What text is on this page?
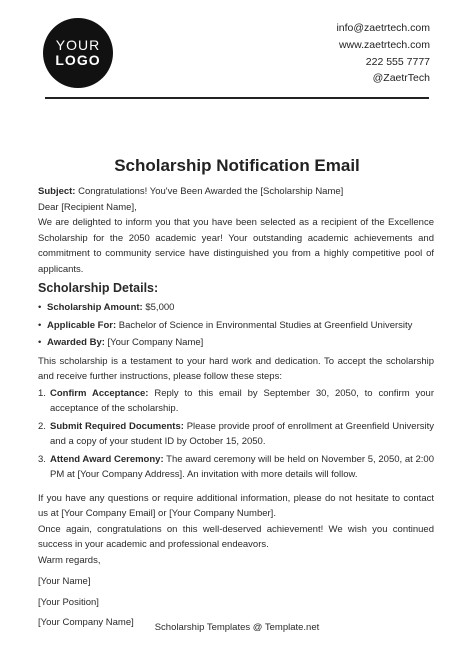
YOUR
LOGO
info@zaetrtech.com
www.zaetrtech.com
222 555 7777
@ZaetrTech
Scholarship Notification Email

Subject: Congratulations! You've Been Awarded the [Scholarship Name]

Dear [Recipient Name],

We are delighted to inform you that you have been selected as a recipient of the Excellence Scholarship for the 2050 academic year! Your outstanding academic achievements and commitment to community service have distinguished you from a highly competitive pool of applicants.

Scholarship Details:
• Scholarship Amount: $5,000
• Applicable For: Bachelor of Science in Environmental Studies at Greenfield University
• Awarded By: [Your Company Name]

This scholarship is a testament to your hard work and dedication. To accept the scholarship and receive further instructions, please follow these steps:

1. Confirm Acceptance: Reply to this email by September 30, 2050, to confirm your acceptance of the scholarship.
2. Submit Required Documents: Please provide proof of enrollment at Greenfield University and a copy of your student ID by October 15, 2050.
3. Attend Award Ceremony: The award ceremony will be held on November 5, 2050, at 2:00 PM at [Your Company Address]. An invitation with more details will follow.

If you have any questions or require additional information, please do not hesitate to contact us at [Your Company Email] or [Your Company Number].

Once again, congratulations on this well-deserved achievement! We wish you continued success in your academic and professional endeavors.

Warm regards,

[Your Name]
[Your Position]
[Your Company Name]	Scholarship Templates @ Template.net
